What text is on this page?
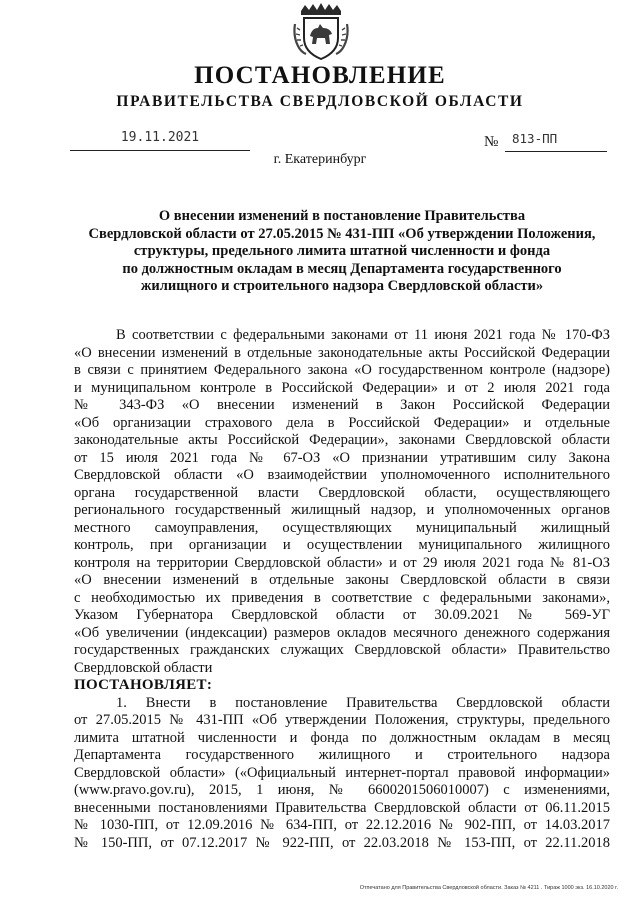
ПОСТАНОВЛЕНИЕ
ПРАВИТЕЛЬСТВА СВЕРДЛОВСКОЙ ОБЛАСТИ
19.11.2021	№ 813-ПП
г. Екатеринбург
О внесении изменений в постановление Правительства
Свердловской области от 27.05.2015 № 431-ПП «Об утверждении Положения,
структуры, предельного лимита штатной численности и фонда
по должностным окладам в месяц Департамента государственного
жилищного и строительного надзора Свердловской области»
В соответствии с федеральными законами от 11 июня 2021 года № 170-ФЗ
«О внесении изменений в отдельные законодательные акты Российской Федерации
в связи с принятием Федерального закона «О государственном контроле (надзоре)
и муниципальном контроле в Российской Федерации» и от 2 июля 2021 года
№ 343-ФЗ «О внесении изменений в Закон Российской Федерации
«Об организации страхового дела в Российской Федерации» и отдельные
законодательные акты Российской Федерации», законами Свердловской области
от 15 июля 2021 года № 67-ОЗ «О признании утратившим силу Закона
Свердловской области «О взаимодействии уполномоченного исполнительного
органа государственной власти Свердловской области, осуществляющего
регионального государственный жилищный надзор, и уполномоченных органов
местного самоуправления, осуществляющих муниципальный жилищный
контроль, при организации и осуществлении муниципального жилищного
контроля на территории Свердловской области» и от 29 июля 2021 года № 81-ОЗ
«О внесении изменений в отдельные законы Свердловской области в связи
с необходимостью их приведения в соответствие с федеральными законами»,
Указом Губернатора Свердловской области от 30.09.2021 № 569-УГ
«Об увеличении (индексации) размеров окладов месячного денежного содержания
государственных гражданских служащих Свердловской области» Правительство
Свердловской области
ПОСТАНОВЛЯЕТ:
1. Внести в постановление Правительства Свердловской области
от 27.05.2015 № 431-ПП «Об утверждении Положения, структуры, предельного
лимита штатной численности и фонда по должностным окладам в месяц
Департамента государственного жилищного и строительного надзора
Свердловской области» («Официальный интернет-портал правовой информации»
(www.pravo.gov.ru), 2015, 1 июня, № 6600201506010007) с изменениями,
внесенными постановлениями Правительства Свердловской области от 06.11.2015
№ 1030-ПП, от 12.09.2016 № 634-ПП, от 22.12.2016 № 902-ПП, от 14.03.2017
№ 150-ПП, от 07.12.2017 № 922-ПП, от 22.03.2018 № 153-ПП, от 22.11.2018
Отпечатано для Правительства Свердловской области. Заказ № 4211 . Тираж 1000 экз. 16.10.2020 г.
